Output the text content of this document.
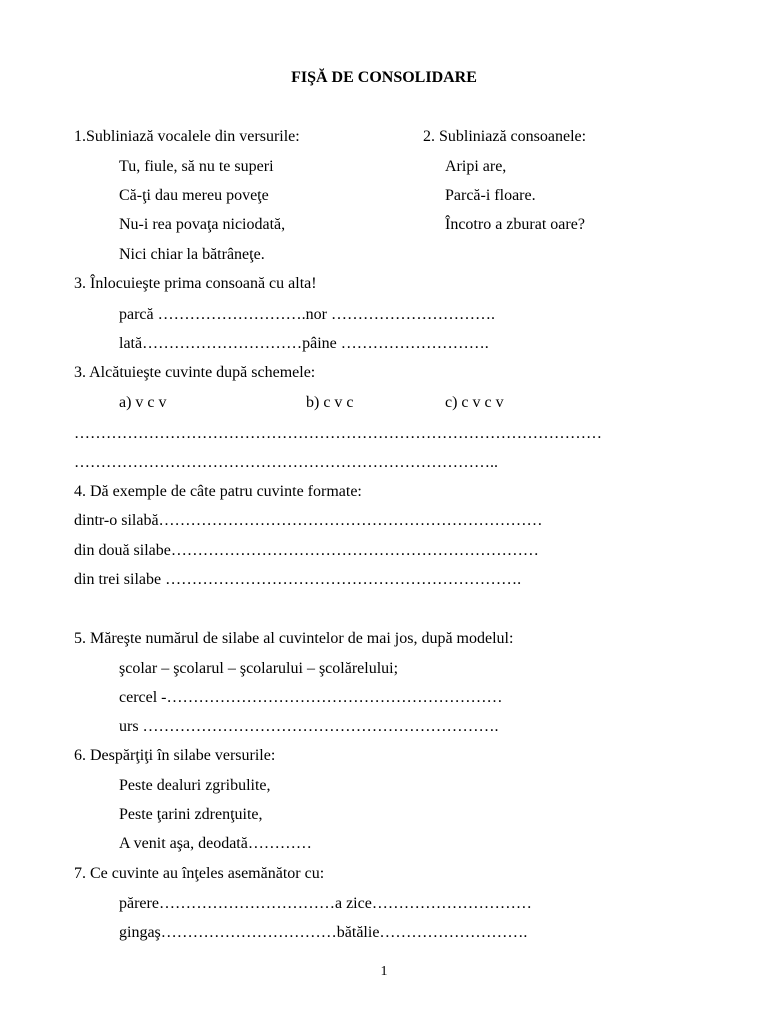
FIŞĂ DE CONSOLIDARE
1.Subliniază vocalele din versurile:
Tu, fiule, să nu te superi
Că-ţi dau mereu poveţe
Nu-i rea povaţa niciodată,
Nici chiar la bătrâneţe.
2. Subliniază consoanele:
Aripi are,
Parcă-i floare.
Încotro a zburat oare?
3. Înlocuieşte prima consoană cu alta!
parcă ……………………….nor ………………………….
lată…………………………pâine ……………………….
3. Alcătuieşte cuvinte după schemele:
a) v c v	b) c v c	c) c v c v
………………………………………………………………………………………
……………………………………………………………………..
4. Dă exemple de câte patru cuvinte formate:
dintr-o silabă………………………………………………………………
din două silabe……………………………………………………………
din trei silabe ………………………………………………………….
5. Măreşte numărul de silabe al cuvintelor de mai jos, după modelul:
şcolar – şcolarul – şcolarului – şcolărelului;
cercel -………………………………………………………
urs ………………………………………………………….
6. Despărţiţi în silabe versurile:
Peste dealuri zgribulite,
Peste ţarini zdrenţuite,
A venit aşa, deodată…………
7. Ce cuvinte au înţeles asemănător cu:
părere……………………………a zice…………………………
gingaş……………………………bătălie……………………….
1
